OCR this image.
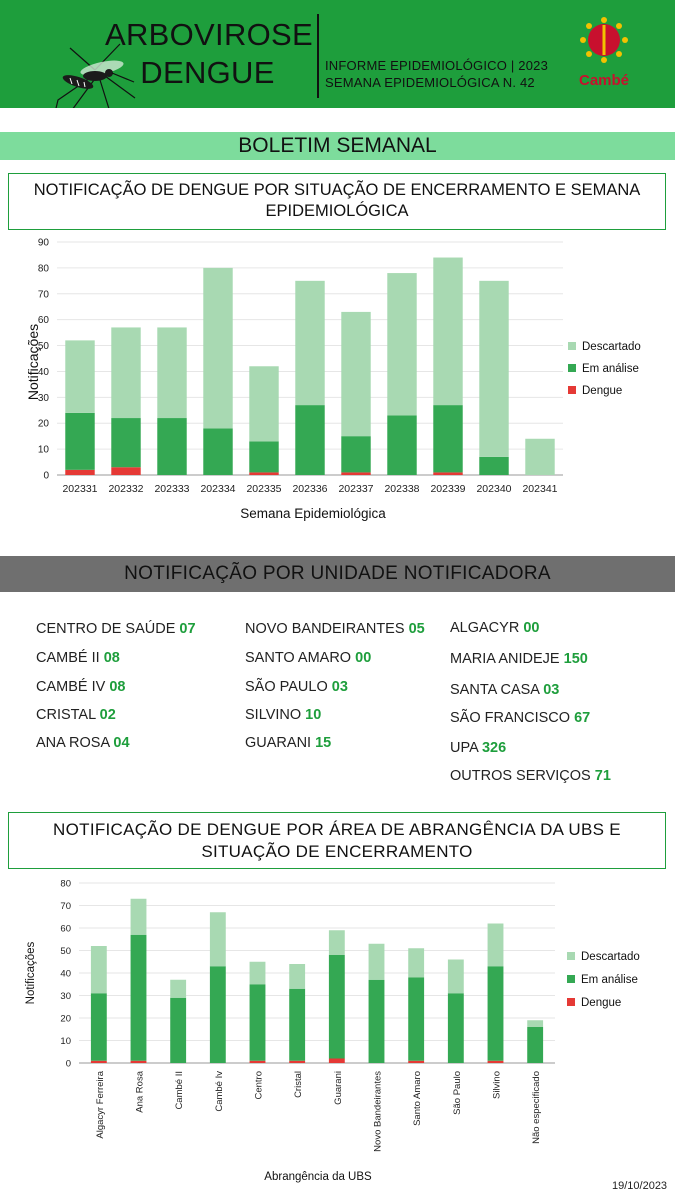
ARBOVIROSE
DENGUE	INFORME EPIDEMIOLÓGICO | 2023
SEMANA EPIDEMIOLÓGICA N. 42	Cambé
BOLETIM SEMANAL
NOTIFICAÇÃO DE DENGUE POR SITUAÇÃO DE ENCERRAMENTO E SEMANA EPIDEMIOLÓGICA
0
10
20
30
40
50
60
70
80
90
202331 202332 202333 202334 202335 202336 202337 202338 202339 202340 202341
Notificações
Semana Epidemiológica
Descartado
Em análise
Dengue
NOTIFICAÇÃO POR UNIDADE NOTIFICADORA
CENTRO DE SAÚDE 07
CAMBÉ II 08
CAMBÉ IV 08
CRISTAL 02
ANA ROSA 04
NOVO BANDEIRANTES 05
SANTO AMARO 00
SÃO PAULO 03
SILVINO 10
GUARANI 15
ALGACYR 00
MARIA ANIDEJE 150
SANTA CASA 03
SÃO FRANCISCO 67
UPA 326
OUTROS SERVIÇOS 71
NOTIFICAÇÃO DE DENGUE POR ÁREA DE ABRANGÊNCIA DA UBS E SITUAÇÃO DE ENCERRAMENTO
0
10
20
30
40
50
60
70
80
Algacyr Ferreira	Ana Rosa	Cambé II	Cambé Iv	Centro	Cristal	Guarani	Novo Bandeirantes	Santo Amaro	São Paulo	Silvino	Não especificado
Notificações
Abrangência da UBS
Descartado
Em análise
Dengue
19/10/2023
